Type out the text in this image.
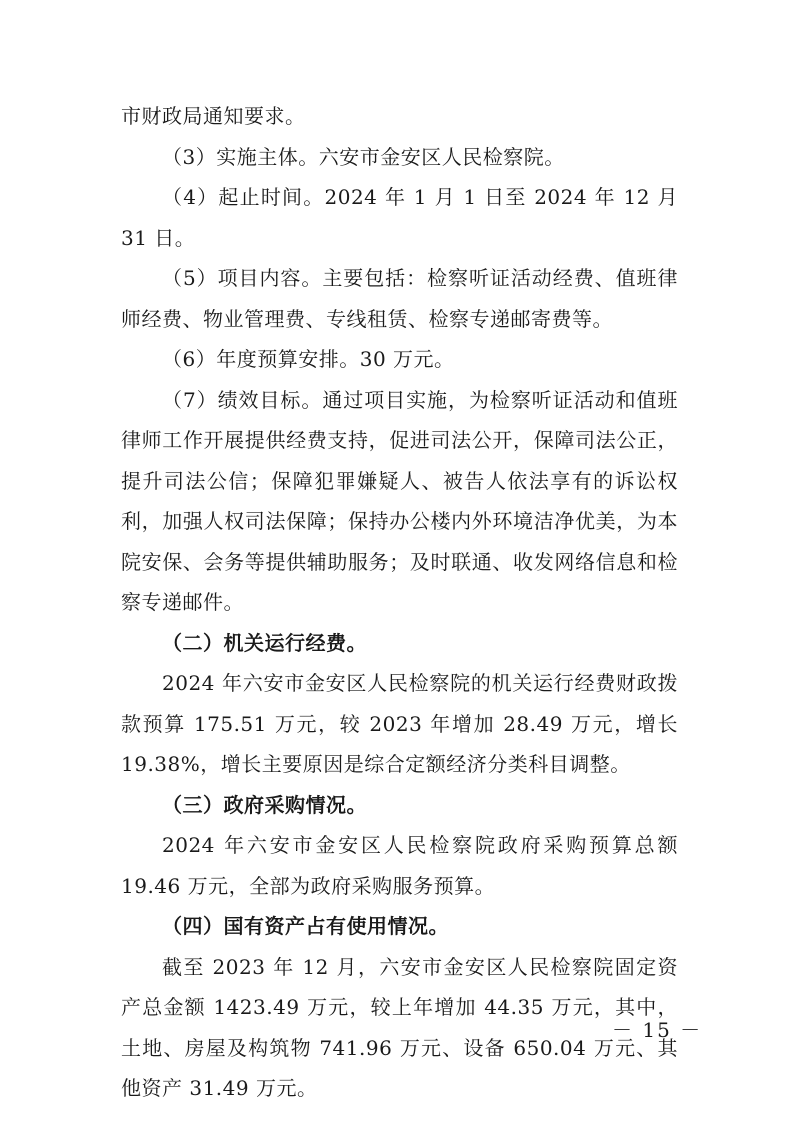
市财政局通知要求。

（3）实施主体。六安市金安区人民检察院。

（4）起止时间。2024 年 1 月 1 日至 2024 年 12 月 31 日。

（5）项目内容。主要包括：检察听证活动经费、值班律师经费、物业管理费、专线租赁、检察专递邮寄费等。

（6）年度预算安排。30 万元。

（7）绩效目标。通过项目实施，为检察听证活动和值班律师工作开展提供经费支持，促进司法公开，保障司法公正，提升司法公信；保障犯罪嫌疑人、被告人依法享有的诉讼权利，加强人权司法保障；保持办公楼内外环境洁净优美，为本院安保、会务等提供辅助服务；及时联通、收发网络信息和检察专递邮件。

（二）机关运行经费。

2024 年六安市金安区人民检察院的机关运行经费财政拨款预算 175.51 万元，较 2023 年增加 28.49 万元，增长 19.38%，增长主要原因是综合定额经济分类科目调整。

（三）政府采购情况。

2024 年六安市金安区人民检察院政府采购预算总额 19.46 万元，全部为政府采购服务预算。

（四）国有资产占有使用情况。

截至 2023 年 12 月，六安市金安区人民检察院固定资产总金额 1423.49 万元，较上年增加 44.35 万元，其中，土地、房屋及构筑物 741.96 万元、设备 650.04 万元、其他资产 31.49 万元。

－ 15 －
